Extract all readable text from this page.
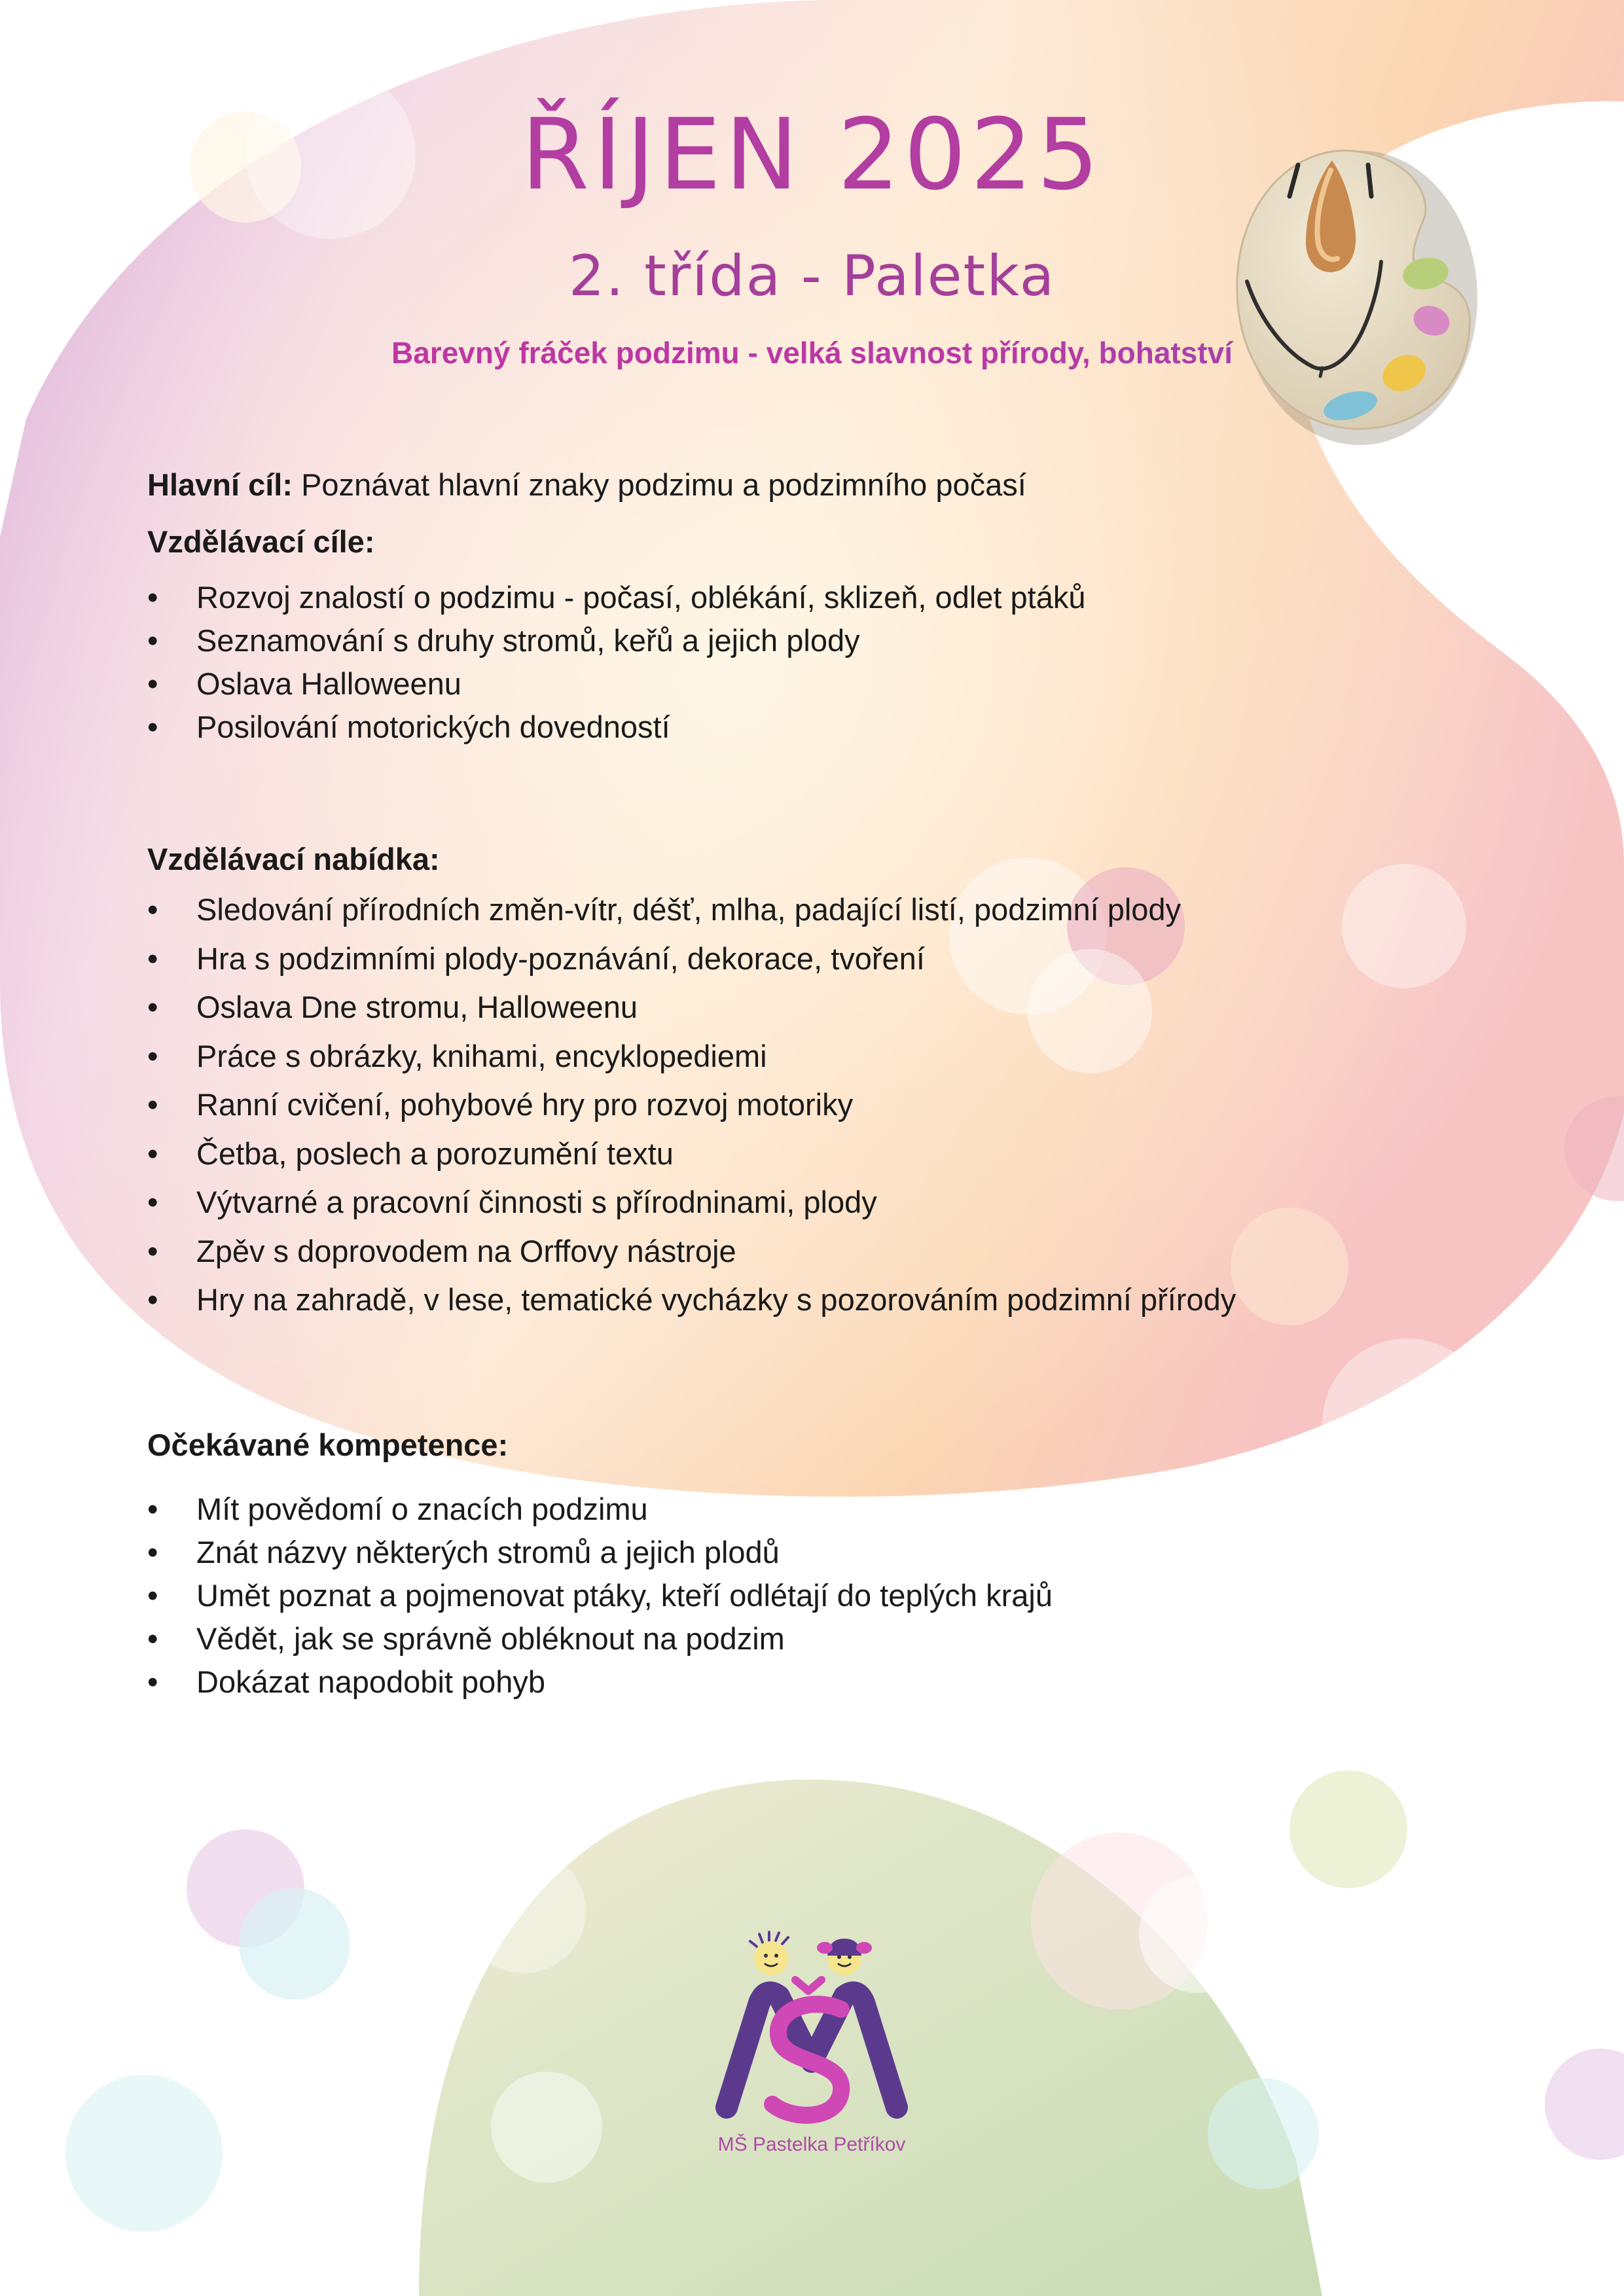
ŘÍJEN 2025
2. třída - Paletka
Barevný fráček podzimu - velká slavnost přírody, bohatství

Hlavní cíl: Poznávat hlavní znaky podzimu a podzimního počasí

Vzdělávací cíle:

• Rozvoj znalostí o podzimu - počasí, oblékání, sklizeň, odlet ptáků
• Seznamování s druhy stromů, keřů a jejich plody
• Oslava Halloweenu
• Posilování motorických dovedností

Vzdělávací nabídka:

• Sledování přírodních změn-vítr, déšť, mlha, padající listí, podzimní plody
• Hra s podzimními plody-poznávání, dekorace, tvoření
• Oslava Dne stromu, Halloweenu
• Práce s obrázky, knihami, encyklopediemi
• Ranní cvičení, pohybové hry pro rozvoj motoriky
• Četba, poslech a porozumění textu
• Výtvarné a pracovní činnosti s přírodninami, plody
• Zpěv s doprovodem na Orffovy nástroje
• Hry na zahradě, v lese, tematické vycházky s pozorováním podzimní přírody

Očekávané kompetence:

• Mít povědomí o znacích podzimu
• Znát názvy některých stromů a jejich plodů
• Umět poznat a pojmenovat ptáky, kteří odlétají do teplých krajů
• Vědět, jak se správně obléknout na podzim
• Dokázat napodobit pohyb
MŠ Pastelka Petříkov
